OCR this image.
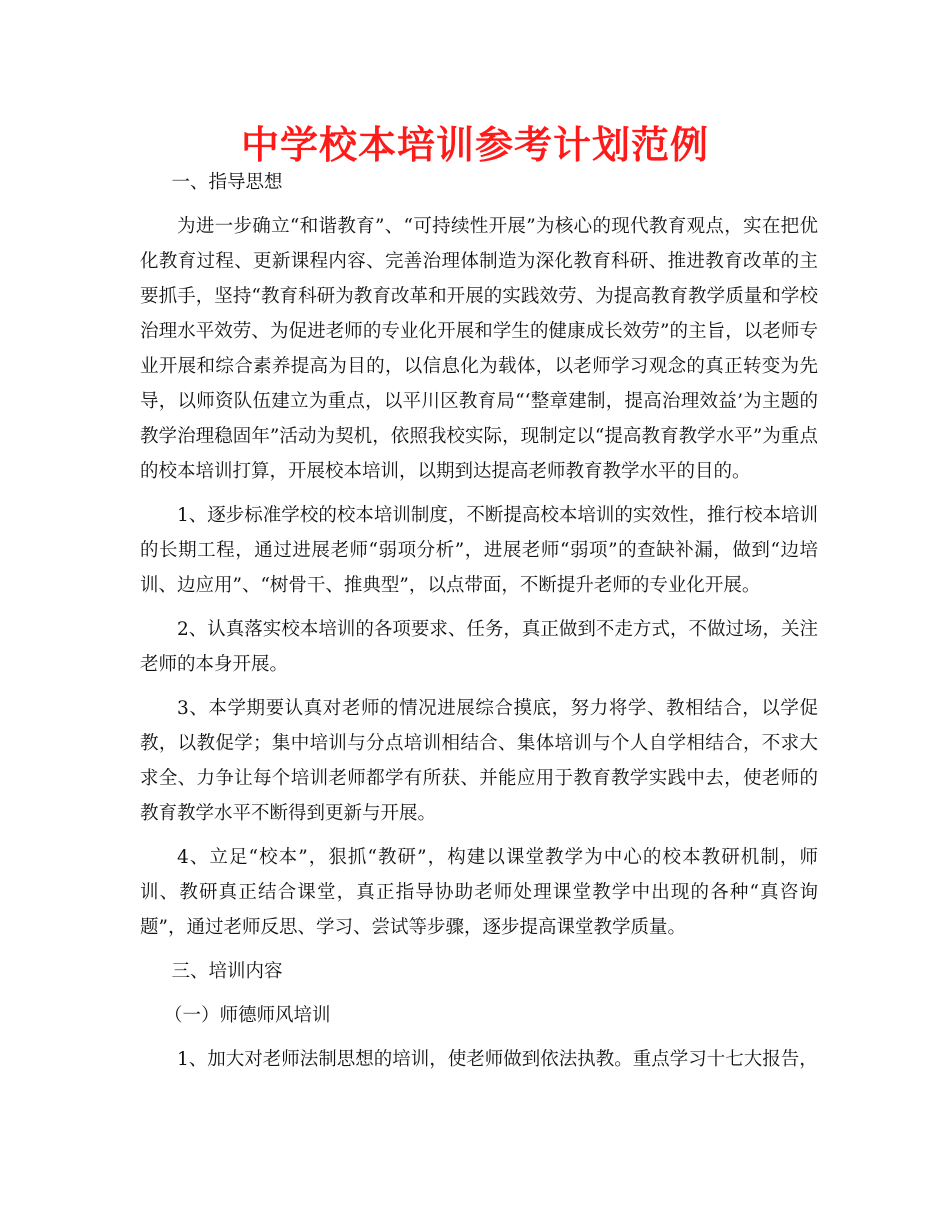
中学校本培训参考计划范例

一、指导思想

为进一步确立“和谐教育”、“可持续性开展”为核心的现代教育观点，实在把优化教育过程、更新课程内容、完善治理体制造为深化教育科研、推进教育改革的主要抓手，坚持“教育科研为教育改革和开展的实践效劳、为提高教育教学质量和学校治理水平效劳、为促进老师的专业化开展和学生的健康成长效劳”的主旨，以老师专业开展和综合素养提高为目的，以信息化为载体，以老师学习观念的真正转变为先导，以师资队伍建立为重点，以平川区教育局“‘整章建制，提高治理效益’为主题的教学治理稳固年”活动为契机，依照我校实际，现制定以“提高教育教学水平”为重点的校本培训打算，开展校本培训，以期到达提高老师教育教学水平的目的。

1、逐步标准学校的校本培训制度，不断提高校本培训的实效性，推行校本培训的长期工程，通过进展老师“弱项分析”，进展老师“弱项”的查缺补漏，做到“边培训、边应用”、“树骨干、推典型”，以点带面，不断提升老师的专业化开展。

2、认真落实校本培训的各项要求、任务，真正做到不走方式，不做过场，关注老师的本身开展。

3、本学期要认真对老师的情况进展综合摸底，努力将学、教相结合，以学促教，以教促学；集中培训与分点培训相结合、集体培训与个人自学相结合，不求大求全、力争让每个培训老师都学有所获、并能应用于教育教学实践中去，使老师的教育教学水平不断得到更新与开展。

4、立足“校本”，狠抓“教研”，构建以课堂教学为中心的校本教研机制，师训、教研真正结合课堂，真正指导协助老师处理课堂教学中出现的各种“真咨询题”，通过老师反思、学习、尝试等步骤，逐步提高课堂教学质量。

三、培训内容

（一）师德师风培训

1、加大对老师法制思想的培训，使老师做到依法执教。重点学习十七大报告，
